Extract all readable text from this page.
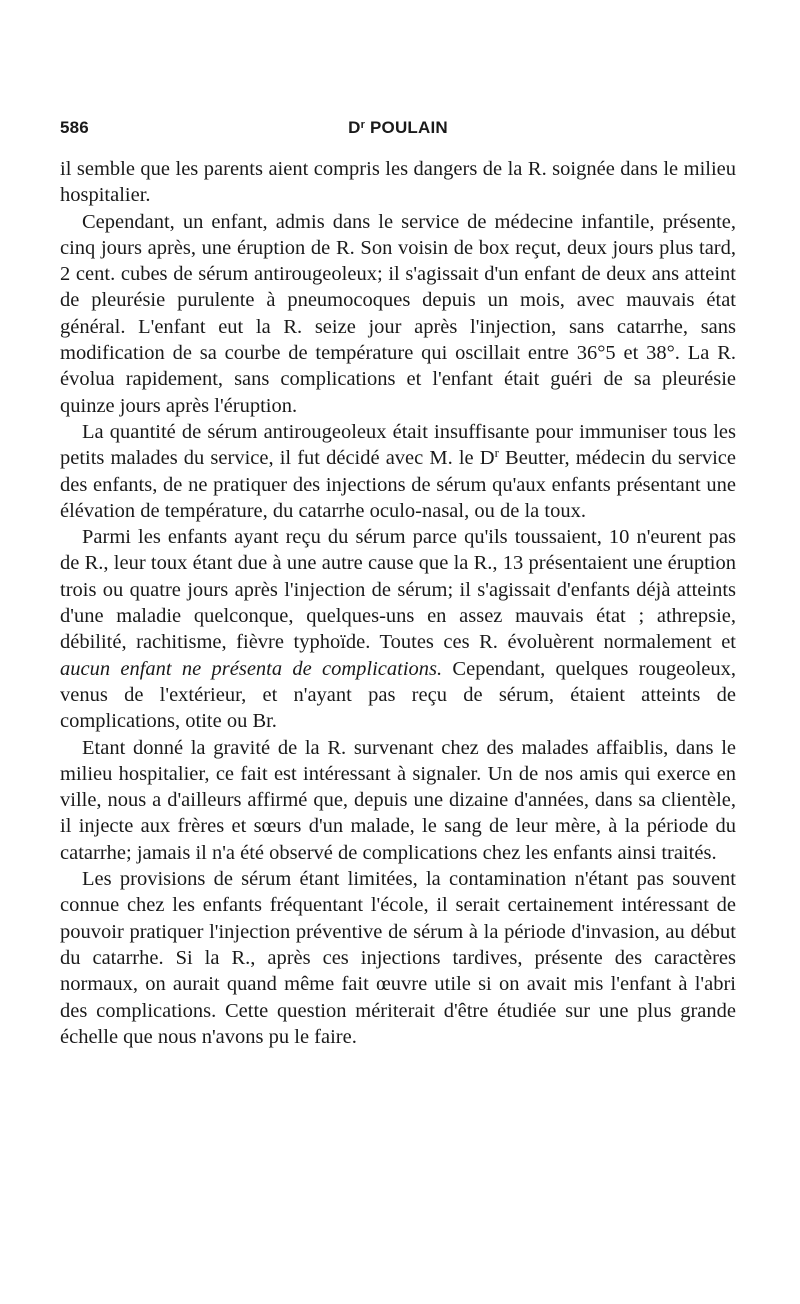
586	$D^r$ POULAIN

il semble que les parents aient compris les dangers de la R. soignée dans le milieu hospitalier.

Cependant, un enfant, admis dans le service de médecine infantile, présente, cinq jours après, une éruption de R. Son voisin de box reçut, deux jours plus tard, 2 cent. cubes de sérum antirougeoleux; il s'agissait d'un enfant de deux ans atteint de pleurésie purulente à pneumocoques depuis un mois, avec mauvais état général. L'enfant eut la R. seize jour après l'injection, sans catarrhe, sans modification de sa courbe de température qui oscillait entre 36°5 et 38°. La R. évolua rapidement, sans complications et l'enfant était guéri de sa pleurésie quinze jours après l'éruption.

La quantité de sérum antirougeoleux était insuffisante pour immuniser tous les petits malades du service, il fut décidé avec M. le $D^r$ Beutter, médecin du service des enfants, de ne pratiquer des injections de sérum qu'aux enfants présentant une élévation de température, du catarrhe oculo-nasal, ou de la toux.

Parmi les enfants ayant reçu du sérum parce qu'ils toussaient, 10 n'eurent pas de R., leur toux étant due à une autre cause que la R., 13 présentaient une éruption trois ou quatre jours après l'injection de sérum; il s'agissait d'enfants déjà atteints d'une maladie quelconque, quelques-uns en assez mauvais état ; athrepsie, débilité, rachitisme, fièvre typhoïde. Toutes ces R. évoluèrent normalement et aucun enfant ne présenta de complications. Cependant, quelques rougeoleux, venus de l'extérieur, et n'ayant pas reçu de sérum, étaient atteints de complications, otite ou Br.

Etant donné la gravité de la R. survenant chez des malades affaiblis, dans le milieu hospitalier, ce fait est intéressant à signaler. Un de nos amis qui exerce en ville, nous a d'ailleurs affirmé que, depuis une dizaine d'années, dans sa clientèle, il injecte aux frères et sœurs d'un malade, le sang de leur mère, à la période du catarrhe; jamais il n'a été observé de complications chez les enfants ainsi traités.

Les provisions de sérum étant limitées, la contamination n'étant pas souvent connue chez les enfants fréquentant l'école, il serait certainement intéressant de pouvoir pratiquer l'injection préventive de sérum à la période d'invasion, au début du catarrhe. Si la R., après ces injections tardives, présente des caractères normaux, on aurait quand même fait œuvre utile si on avait mis l'enfant à l'abri des complications. Cette question mériterait d'être étudiée sur une plus grande échelle que nous n'avons pu le faire.
